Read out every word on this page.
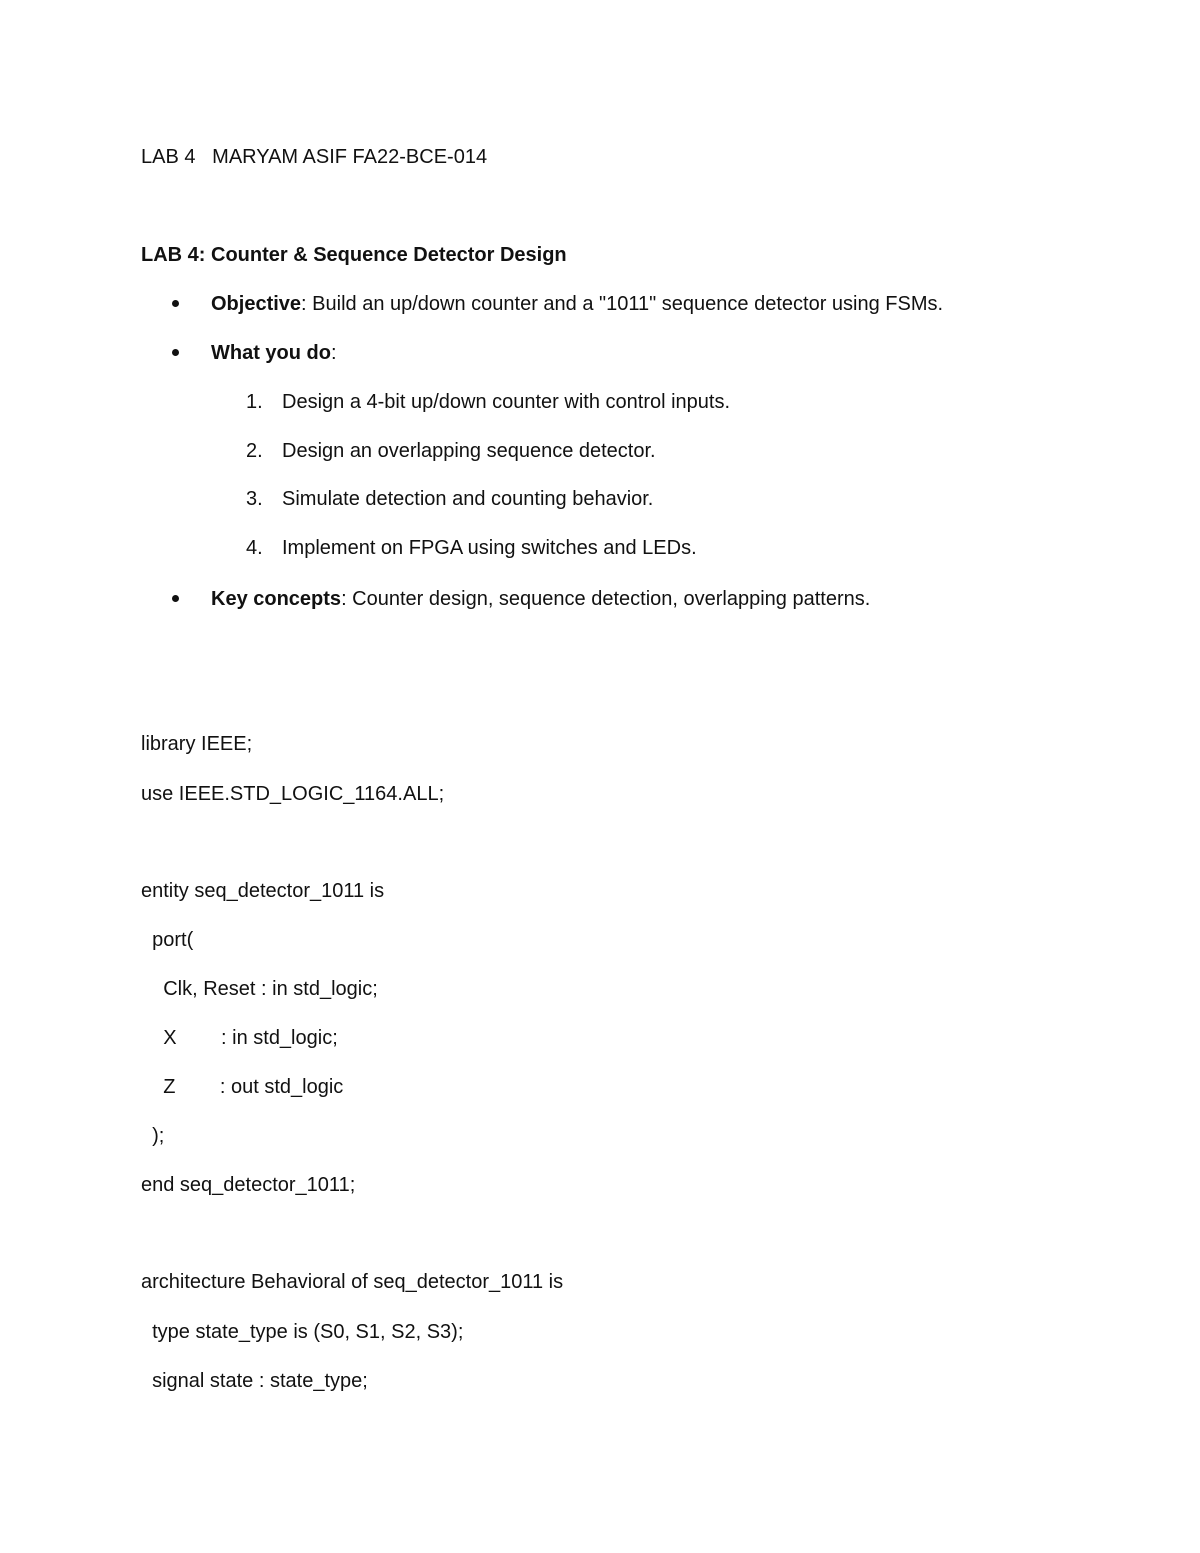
LAB 4 MARYAM ASIF FA22-BCE-014
LAB 4: Counter & Sequence Detector Design
Objective: Build an up/down counter and a "1011" sequence detector using FSMs.
What you do:
1. Design a 4-bit up/down counter with control inputs.
2. Design an overlapping sequence detector.
3. Simulate detection and counting behavior.
4. Implement on FPGA using switches and LEDs.
Key concepts: Counter design, sequence detection, overlapping patterns.
library IEEE;
use IEEE.STD_LOGIC_1164.ALL;
entity seq_detector_1011 is
port(
Clk, Reset : in std_logic;
X        : in std_logic;
Z        : out std_logic
);
end seq_detector_1011;
architecture Behavioral of seq_detector_1011 is
type state_type is (S0, S1, S2, S3);
signal state : state_type;
